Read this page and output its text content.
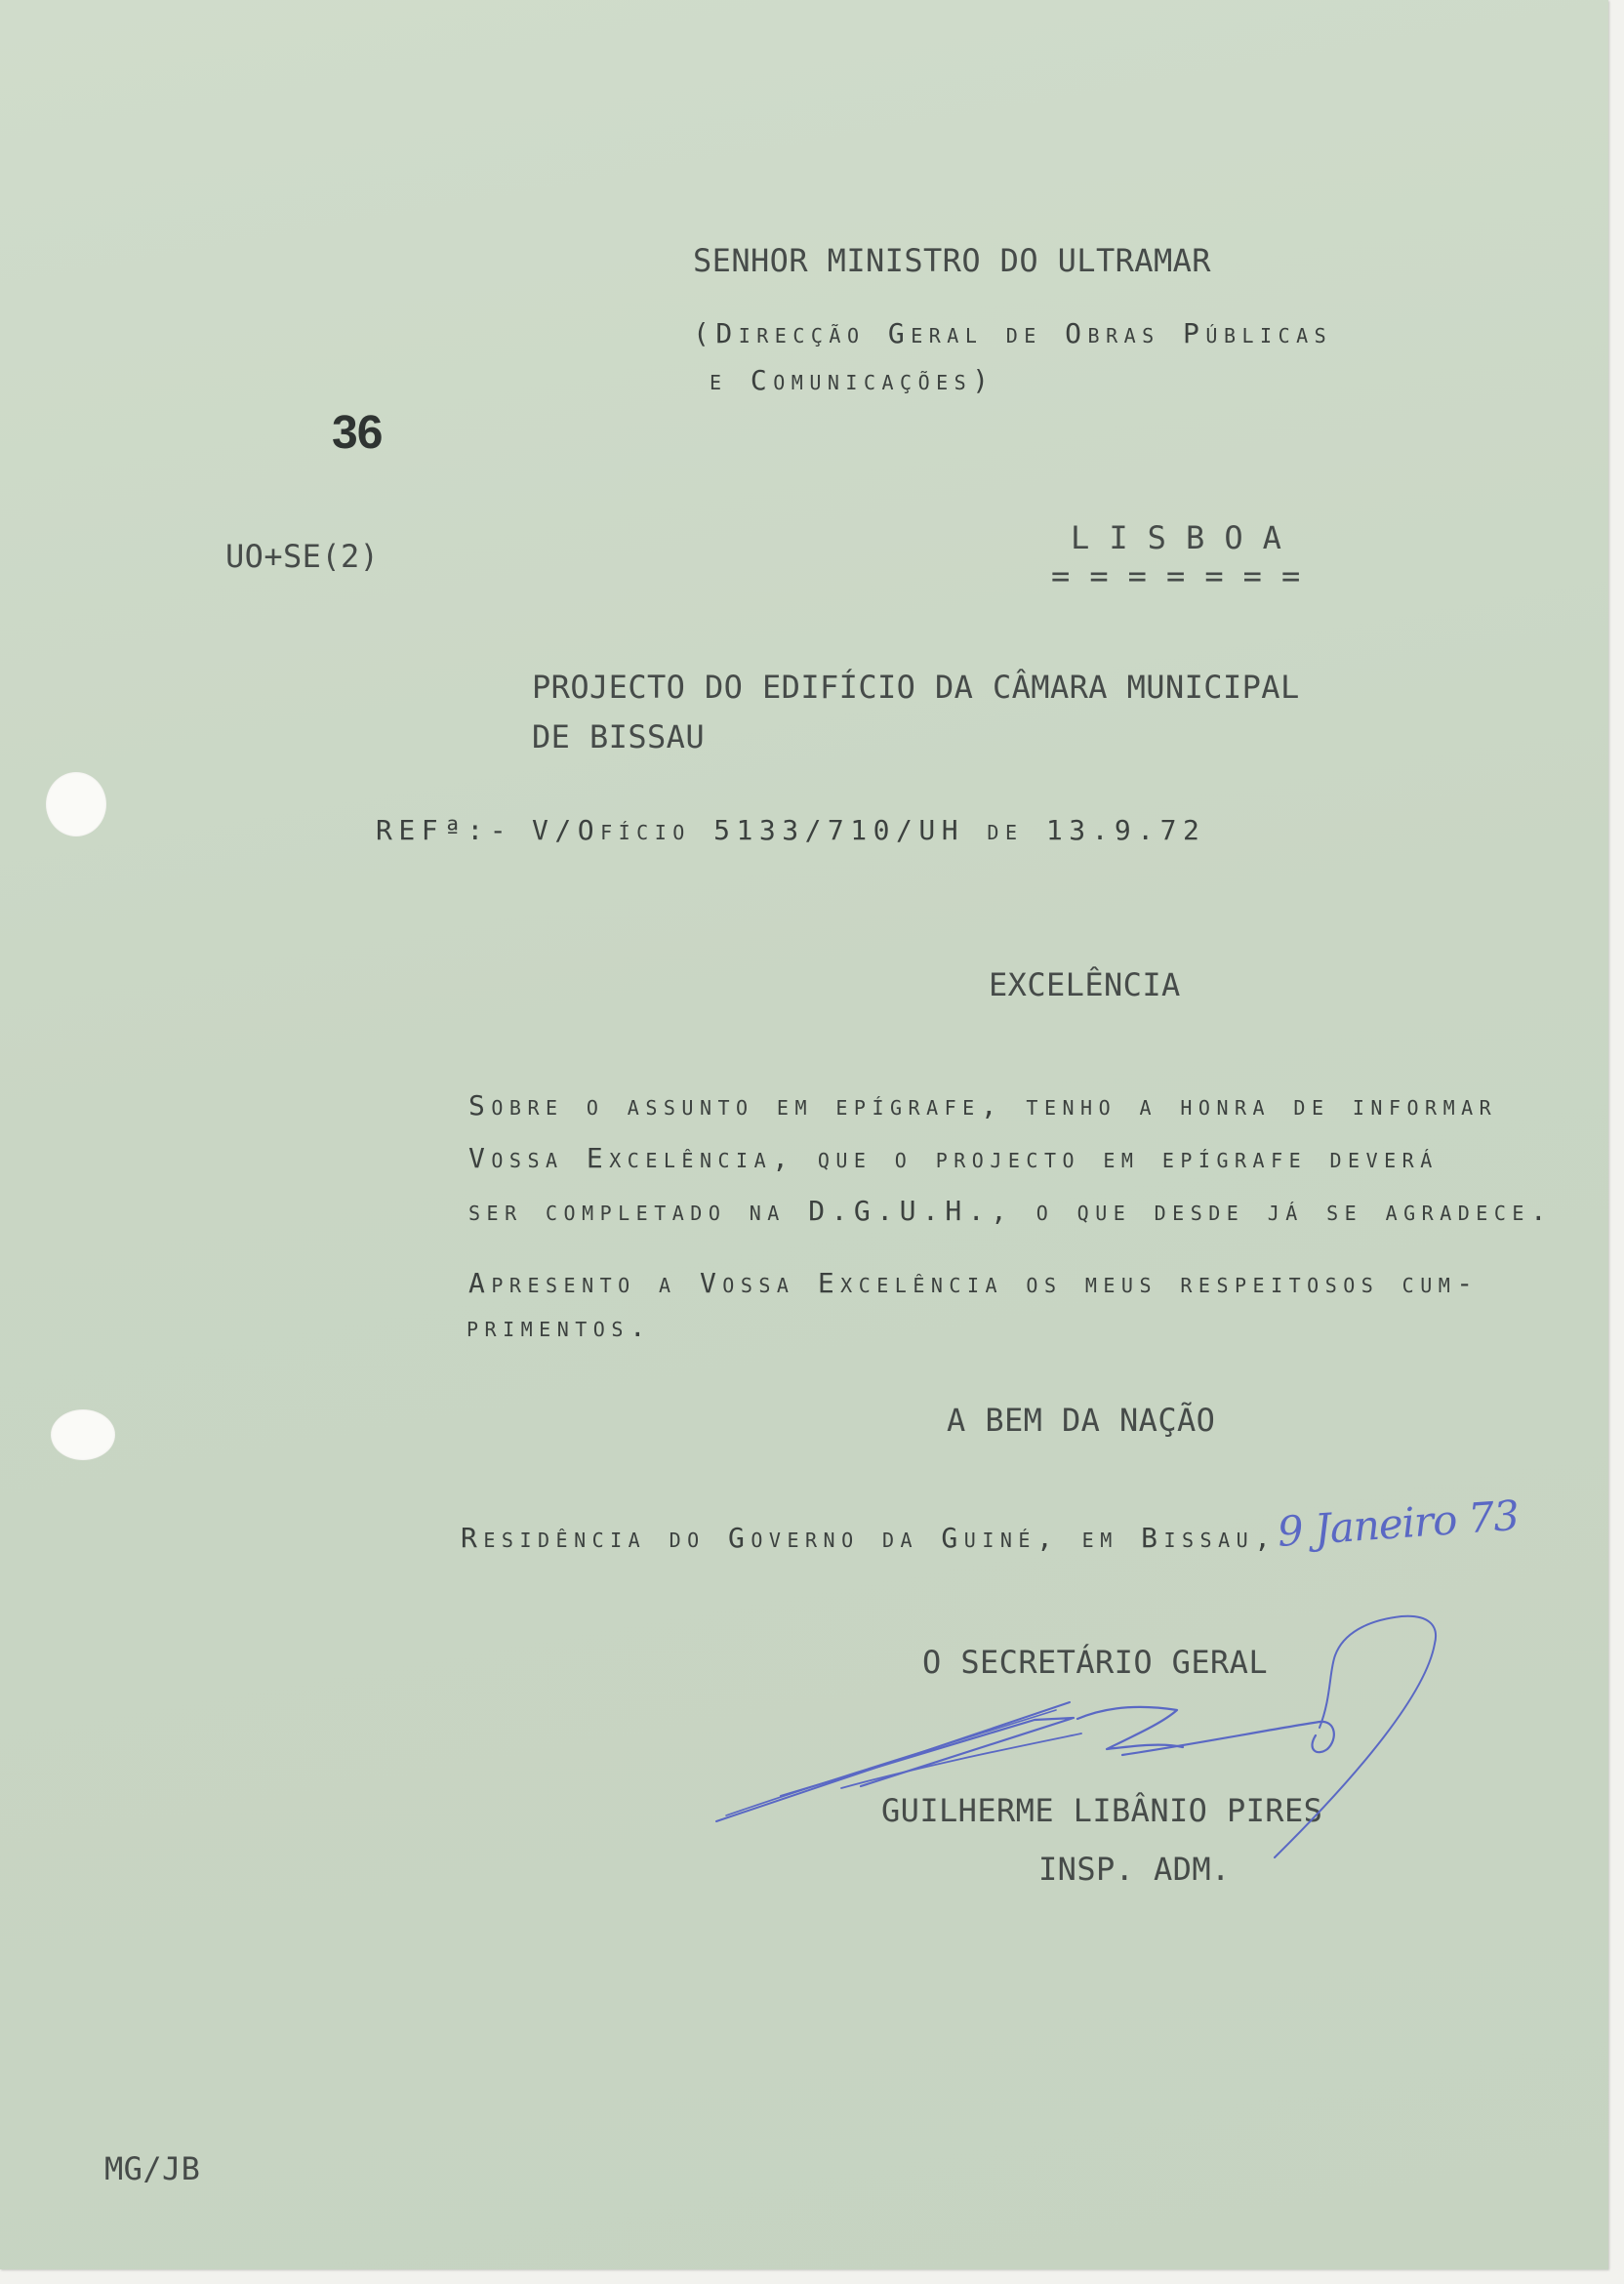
SENHOR MINISTRO DO ULTRAMAR
(Direcção Geral de Obras Públicas
e Comunicações)
36
UO+SE(2)	L I S B O A
= = = = = = =
PROJECTO DO EDIFÍCIO DA CÂMARA MUNICIPAL
DE BISSAU
REFª:- V/Ofício 5133/710/UH de 13.9.72
EXCELÊNCIA
Sobre o assunto em epígrafe, tenho a honra de informar
Vossa Excelência, que o projecto em epígrafe deverá
ser completado na D.G.U.H., o que desde já se agradece.
Apresento a Vossa Excelência os meus respeitosos cum-
primentos.
A BEM DA NAÇÃO
Residência do Governo da Guiné, em Bissau,
9 Janeiro 73
O SECRETÁRIO GERAL
GUILHERME LIBÂNIO PIRES
INSP. ADM.
MG/JB
